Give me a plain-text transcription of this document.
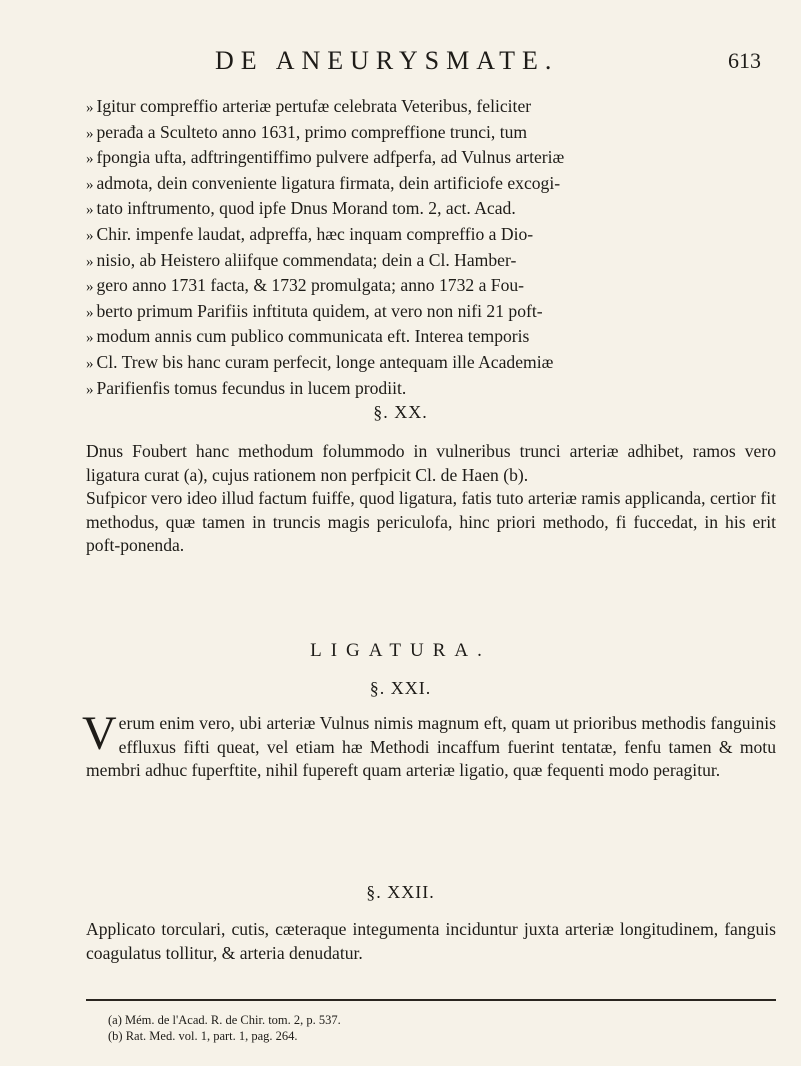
DE ANEURYSMATE.	613
» Igitur compreffio arteriæ pertufæ celebrata Veteribus, feliciter
» perađa a Sculteto anno 1631, primo compreffione trunci, tum
» fpongia ufta, adftringentiffimo pulvere adfperfa, ad Vulnus arteriæ
» admota, dein conveniente ligatura firmata, dein artificiofe excogi-
» tato inftrumento, quod ipfe Dnus Morand tom. 2, act. Acad.
» Chir. impenfe laudat, adpreffa, hæc inquam compreffio a Dio-
» nisio, ab Heistero aliifque commendata; dein a Cl. Hamber-
» gero anno 1731 facta, & 1732 promulgata; anno 1732 a Fou-
» berto primum Parifiis inftituta quidem, at vero non nifi 21 poft-
» modum annis cum publico communicata eft. Interea temporis
» Cl. Trew bis hanc curam perfecit, longe antequam ille Academiæ
» Parifienfis tomus fecundus in lucem prodiit.
§. XX.

Dnus Foubert hanc methodum folummodo in vulneribus trunci arteriæ adhibet, ramos vero ligatura curat (a), cujus rationem non perfpicit Cl. de Haen (b).

Sufpicor vero ideo illud factum fuiffe, quod ligatura, fatis tuto arteriæ ramis applicanda, certior fit methodus, quæ tamen in truncis magis periculofa, hinc priori methodo, fi fuccedat, in his erit poft-ponenda.

LIGATURA.
§. XXI.
V erum enim vero, ubi arteriæ Vulnus nimis magnum eft, quam ut prioribus methodis fanguinis effluxus fifti queat, vel etiam hæ Methodi incaffum fuerint tentatæ, fenfu tamen & motu membri adhuc fuperftite, nihil fupereft quam arteriæ ligatio, quæ fequenti modo peragitur.

§. XXII.

Applicato torculari, cutis, cæteraque integumenta inciduntur juxta arteriæ longitudinem, fanguis coagulatus tollitur, & arteria denudatur.

(a) Mém. de l'Acad. R. de Chir. tom. 2, p. 537.
(b) Rat. Med. vol. 1, part. 1, pag. 264.
